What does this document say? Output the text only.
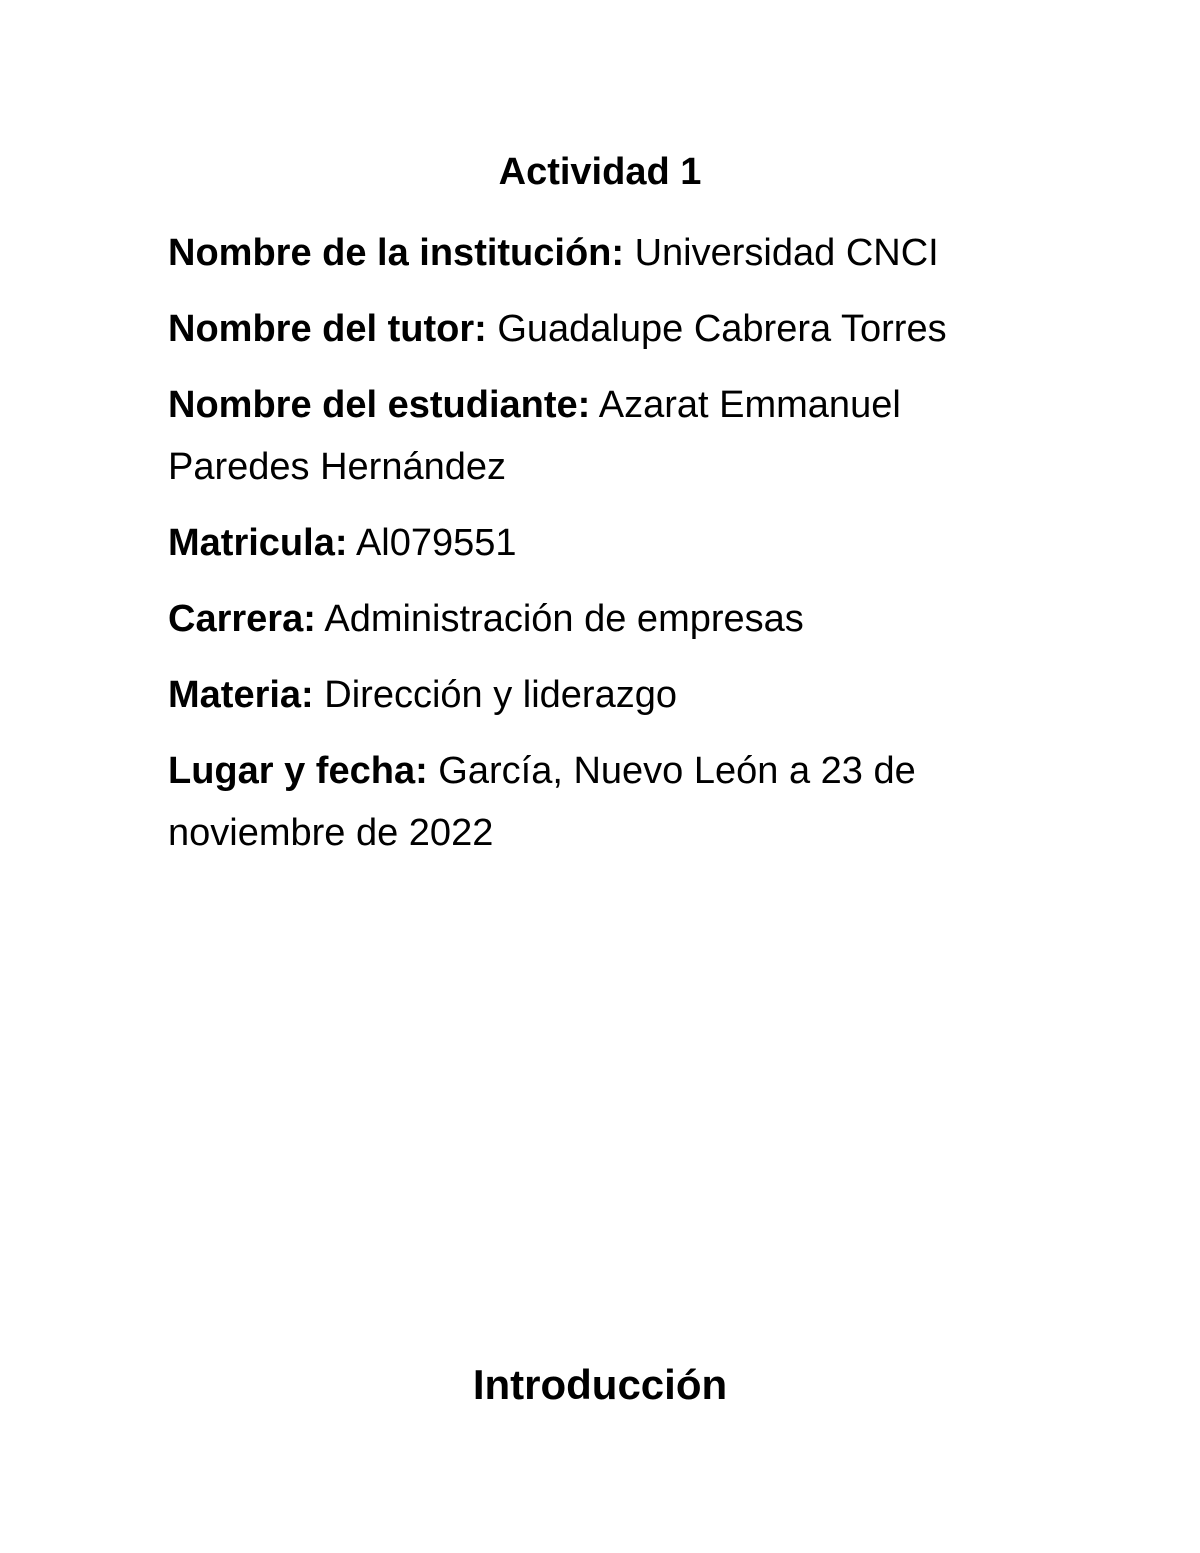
Actividad 1
Nombre de la institución: Universidad CNCI
Nombre del tutor: Guadalupe Cabrera Torres
Nombre del estudiante: Azarat Emmanuel Paredes Hernández
Matricula: Al079551
Carrera: Administración de empresas
Materia: Dirección y liderazgo
Lugar y fecha: García, Nuevo León a 23 de noviembre de 2022
Introducción
